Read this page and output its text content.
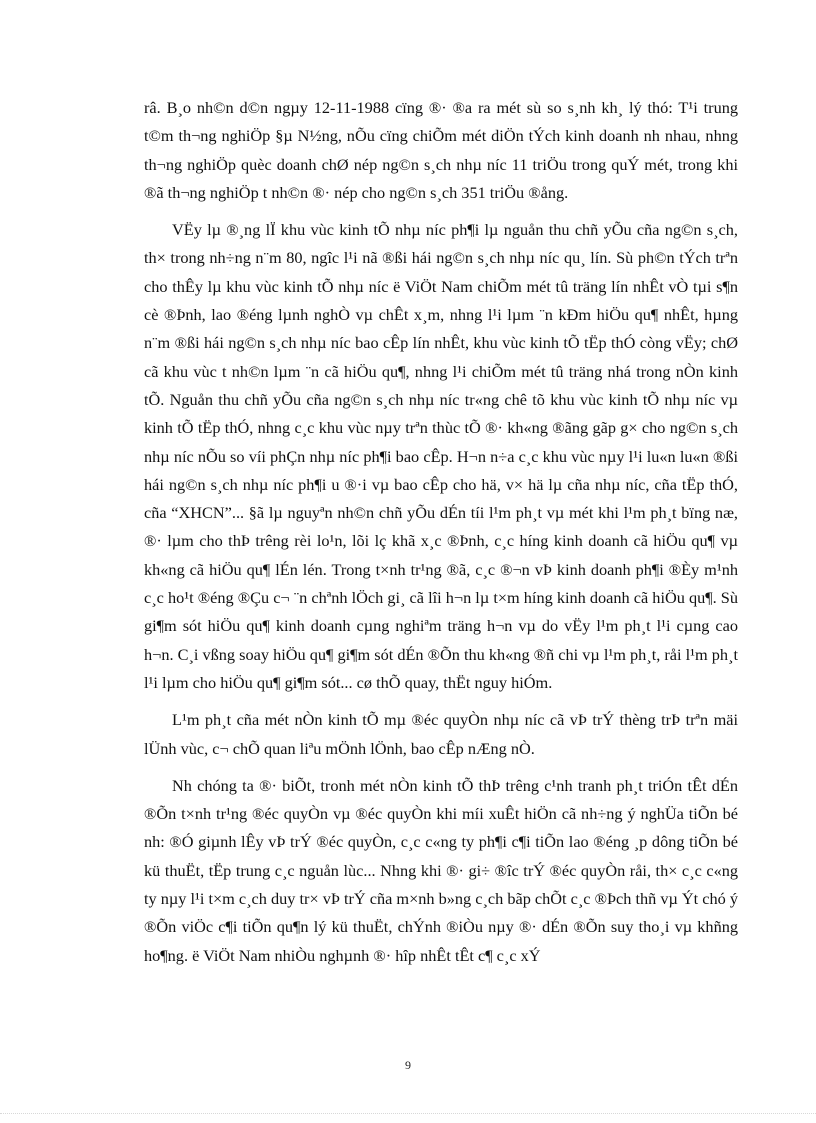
râ. B¸o nh©n d©n ngµy 12-11-1988 cïng ®· ®a ra mét sù so s¸nh kh¸ lý thó: T¹i trung t©m th¬ng nghiÖp §µ N½ng, nÕu cïng chiÕm mét diÖn tÝch kinh doanh nh nhau, nhng th¬ng nghiÖp quèc doanh chØ nép ng©n s¸ch nhµ níc 11 triÖu trong quÝ mét, trong khi ®ã th¬ng nghiÖp t nh©n ®· nép cho ng©n s¸ch 351 triÖu ®ång.

VËy lµ ®¸ng lÏ khu vùc kinh tÕ nhµ níc ph¶i lµ nguån thu chñ yÕu cña ng©n s¸ch, th× trong nh÷ng n¨m 80, ngîc l¹i nã ®ßi hái ng©n s¸ch nhµ níc qu¸ lín. Sù ph©n tÝch trªn cho thÊy lµ khu vùc kinh tÕ nhµ níc ë ViÖt Nam chiÕm mét tû träng lín nhÊt vÒ tµi s¶n cè ®Þnh, lao ®éng lµnh nghÒ vµ chÊt x¸m, nhng l¹i lµm ¨n kÐm hiÖu qu¶ nhÊt, hµng n¨m ®ßi hái ng©n s¸ch nhµ níc bao cÊp lín nhÊt, khu vùc kinh tÕ tËp thÓ còng vËy; chØ cã khu vùc t nh©n lµm ¨n cã hiÖu qu¶, nhng l¹i chiÕm mét tû träng nhá trong nÒn kinh tÕ. Nguån thu chñ yÕu cña ng©n s¸ch nhµ níc tr«ng chê tõ khu vùc kinh tÕ nhµ níc vµ kinh tÕ tËp thÓ, nhng c¸c khu vùc nµy trªn thùc tÕ ®· kh«ng ®ãng gãp g× cho ng©n s¸ch nhµ níc nÕu so víi phÇn nhµ níc ph¶i bao cÊp. H¬n n÷a c¸c khu vùc nµy l¹i lu«n lu«n ®ßi hái ng©n s¸ch nhµ níc ph¶i u ®·i vµ bao cÊp cho hä, v× hä lµ cña nhµ níc, cña tËp thÓ, cña “XHCN”... §ã lµ nguyªn nh©n chñ yÕu dÉn tíi l¹m ph¸t vµ mét khi l¹m ph¸t bïng næ, ®· lµm cho thÞ trêng rèi lo¹n, lõi lç khã x¸c ®Þnh, c¸c híng kinh doanh cã hiÖu qu¶ vµ kh«ng cã hiÖu qu¶ lÉn lén. Trong t×nh tr¹ng ®ã, c¸c ®¬n vÞ kinh doanh ph¶i ®Èy m¹nh c¸c ho¹t ®éng ®Çu c¬ ¨n chªnh lÖch gi¸ cã lîi h¬n lµ t×m híng kinh doanh cã hiÖu qu¶. Sù gi¶m sót hiÖu qu¶ kinh doanh cµng nghiªm träng h¬n vµ do vËy l¹m ph¸t l¹i cµng cao h¬n. C¸i vßng soay hiÖu qu¶ gi¶m sót dÉn ®Õn thu kh«ng ®ñ chi vµ l¹m ph¸t, råi l¹m ph¸t l¹i lµm cho hiÖu qu¶ gi¶m sót... cø thÕ quay, thËt nguy hiÓm.

L¹m ph¸t cña mét nÒn kinh tÕ mµ ®éc quyÒn nhµ níc cã vÞ trÝ thèng trÞ trªn mäi lÜnh vùc, c¬ chÕ quan liªu mÖnh lÖnh, bao cÊp nÆng nÒ.

Nh chóng ta ®· biÕt, tronh mét nÒn kinh tÕ thÞ trêng c¹nh tranh ph¸t triÓn tÊt dÉn ®Õn t×nh tr¹ng ®éc quyÒn vµ ®éc quyÒn khi míi xuÊt hiÖn cã nh÷ng ý nghÜa tiÕn bé nh: ®Ó giµnh lÊy vÞ trÝ ®éc quyÒn, c¸c c«ng ty ph¶i c¶i tiÕn lao ®éng ¸p dông tiÕn bé kü thuËt, tËp trung c¸c nguån lùc... Nhng khi ®· gi÷ ®îc trÝ ®éc quyÒn råi, th× c¸c c«ng ty nµy l¹i t×m c¸ch duy tr× vÞ trÝ cña m×nh b»ng c¸ch bãp chÕt c¸c ®Þch thñ vµ Ýt chó ý ®Õn viÖc c¶i tiÕn qu¶n lý kü thuËt, chÝnh ®iÒu nµy ®· dÉn ®Õn suy tho¸i vµ khñng ho¶ng. ë ViÖt Nam nhiÒu nghµnh ®· hîp nhÊt tÊt c¶ c¸c xÝ

9
